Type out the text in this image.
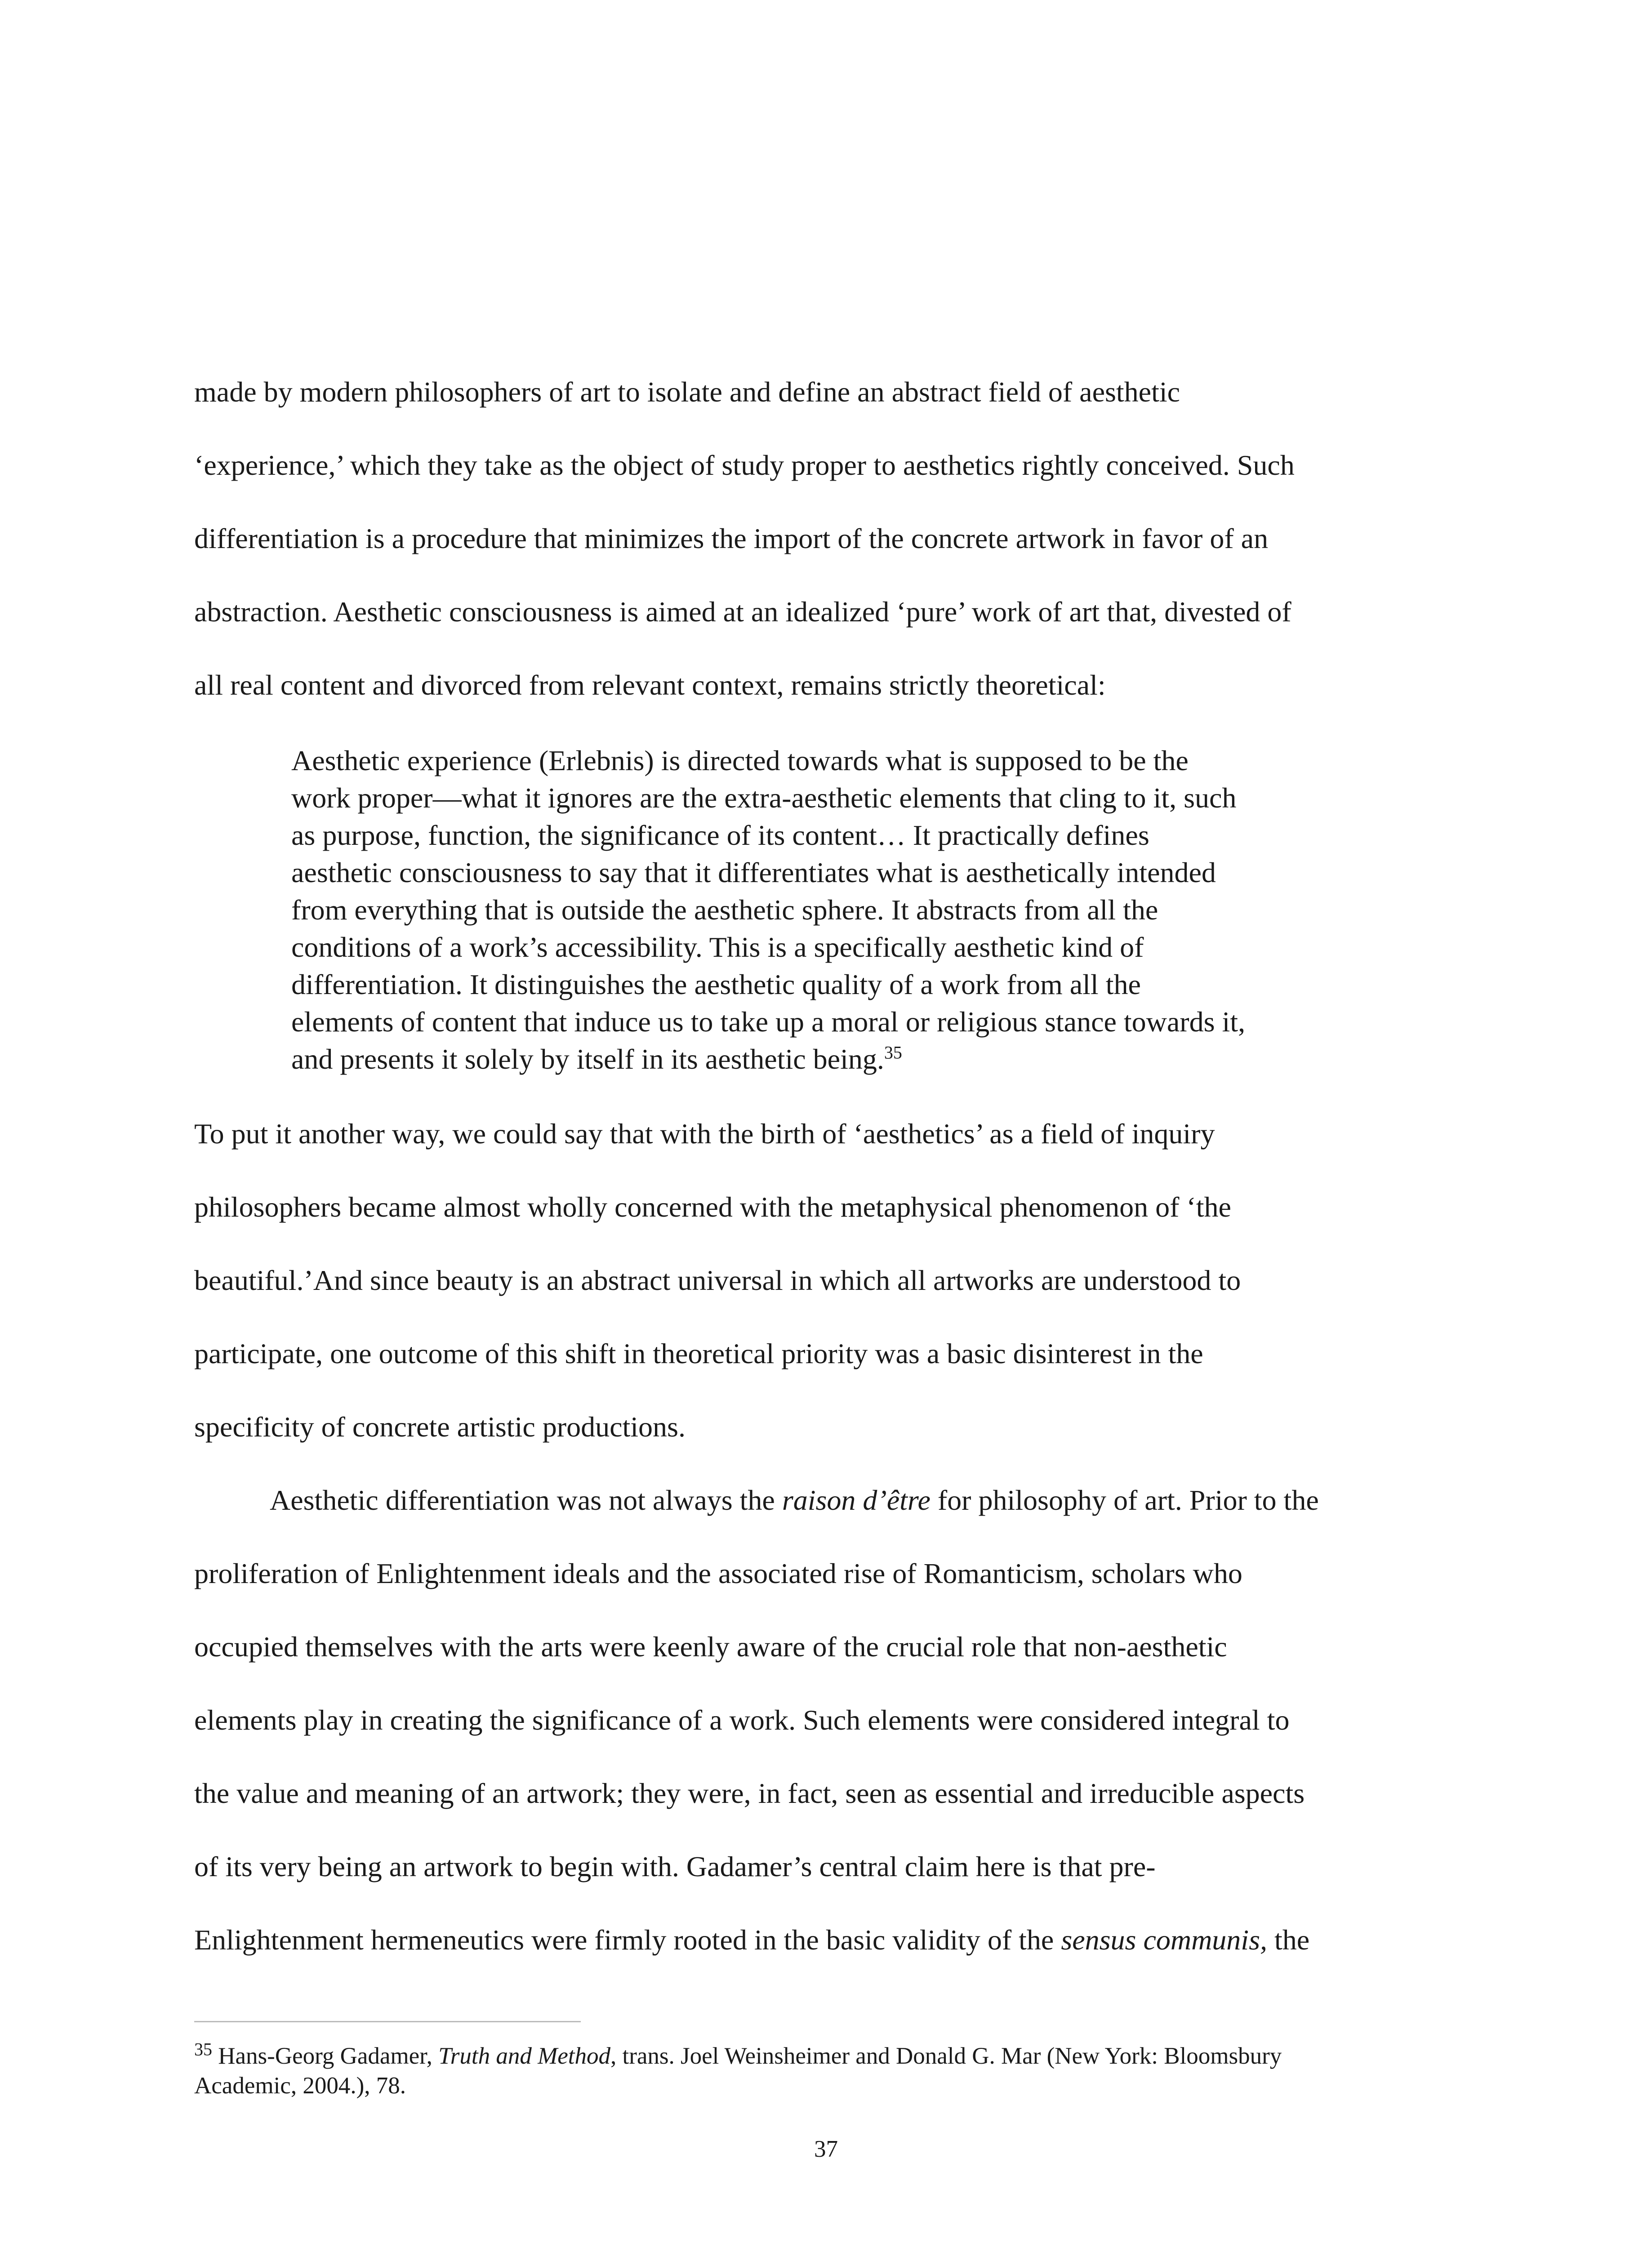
made by modern philosophers of art to isolate and define an abstract field of aesthetic

‘experience,’ which they take as the object of study proper to aesthetics rightly conceived. Such

differentiation is a procedure that minimizes the import of the concrete artwork in favor of an

abstraction. Aesthetic consciousness is aimed at an idealized ‘pure’ work of art that, divested of

all real content and divorced from relevant context, remains strictly theoretical:

Aesthetic experience (Erlebnis) is directed towards what is supposed to be the

work proper—what it ignores are the extra-aesthetic elements that cling to it, such

as purpose, function, the significance of its content… It practically defines

aesthetic consciousness to say that it differentiates what is aesthetically intended

from everything that is outside the aesthetic sphere. It abstracts from all the

conditions of a work’s accessibility. This is a specifically aesthetic kind of

differentiation. It distinguishes the aesthetic quality of a work from all the

elements of content that induce us to take up a moral or religious stance towards it,

and presents it solely by itself in its aesthetic being.$^{35}$

To put it another way, we could say that with the birth of ‘aesthetics’ as a field of inquiry

philosophers became almost wholly concerned with the metaphysical phenomenon of ‘the

beautiful.’And since beauty is an abstract universal in which all artworks are understood to

participate, one outcome of this shift in theoretical priority was a basic disinterest in the

specificity of concrete artistic productions.

Aesthetic differentiation was not always the raison d’être for philosophy of art. Prior to the

proliferation of Enlightenment ideals and the associated rise of Romanticism, scholars who

occupied themselves with the arts were keenly aware of the crucial role that non-aesthetic

elements play in creating the significance of a work. Such elements were considered integral to

the value and meaning of an artwork; they were, in fact, seen as essential and irreducible aspects

of its very being an artwork to begin with. Gadamer’s central claim here is that pre-

Enlightenment hermeneutics were firmly rooted in the basic validity of the sensus communis, the

$^{35}$ Hans-Georg Gadamer, Truth and Method, trans. Joel Weinsheimer and Donald G. Mar (New York: Bloomsbury

Academic, 2004.), 78.

37
